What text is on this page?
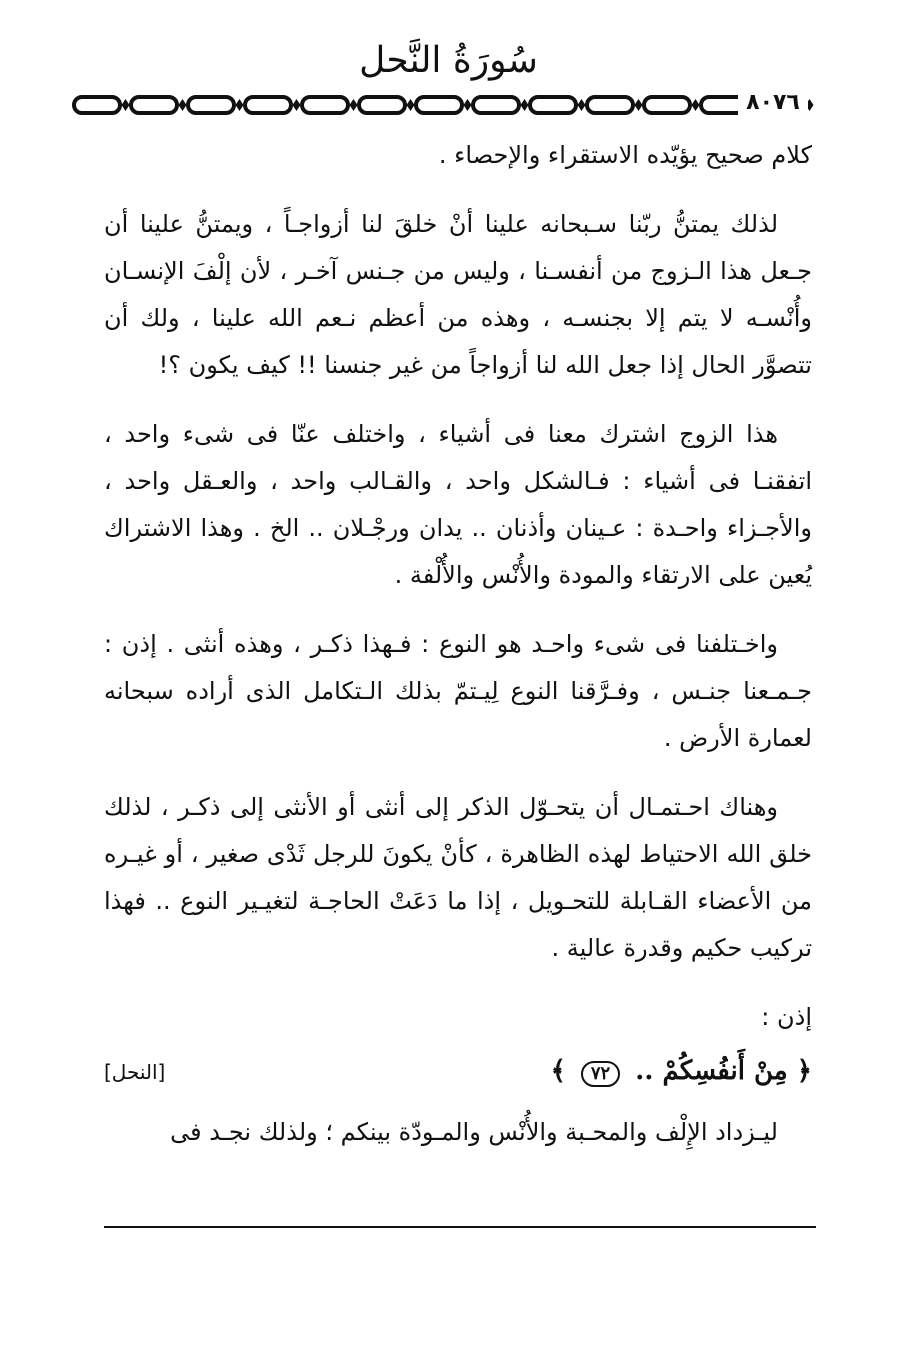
سُورَةُ النَّحل
٨٠٧٦

كلام صحيح يؤيّده الاستقراء والإحصاء .

لذلك يمتنُّ ربّنا سـبحانه علينا أنْ خلقَ لنا أزواجـاً ، ويمتنُّ علينا أن جـعل هذا الـزوج من أنفسـنا ، وليس من جـنس آخـر ، لأن إلْفَ الإنسـان وأُنْسـه لا يتم إلا بجنسـه ، وهذه من أعظم نـعم الله علينا ، ولك أن تتصوَّر الحال إذا جعل الله لنا أزواجاً من غير جنسنا !! كيف يكون ؟!

هذا الزوج اشترك معنا فى أشياء ، واختلف عنّا فى شىء واحد ، اتفقنـا فى أشياء : فـالشكل واحد ، والقـالب واحد ، والعـقل واحد ، والأجـزاء واحـدة : عـينان وأذنان .. يدان ورجْـلان .. الخ . وهذا الاشتراك يُعين على الارتقاء والمودة والأُنْس والأُلْفة .

واخـتلفنا فى شىء واحـد هو النوع : فـهذا ذكـر ، وهذه أنثى . إذن : جـمـعنا جنـس ، وفـرَّقنا النوع لِيـتمّ بذلك الـتكامل الذى أراده سبحانه لعمارة الأرض .

وهناك احـتمـال أن يتحـوّل الذكر إلى أنثى أو الأنثى إلى ذكـر ، لذلك خلق الله الاحتياط لهذه الظاهرة ، كأنْ يكونَ للرجل ثَدْى صغير ، أو غيـره من الأعضاء القـابلة للتحـويل ، إذا ما دَعَتْ الحاجـة لتغيـير النوع .. فهذا تركيب حكيم وقدرة عالية .

إذن :

﴿ مِنْ أَنفُسِكُمْ .. ٧٢ ﴾
[النحل]

ليـزداد الإِلْف والمحـبة والأُنْس والمـودّة بينكم ؛ ولذلك نجـد فى
